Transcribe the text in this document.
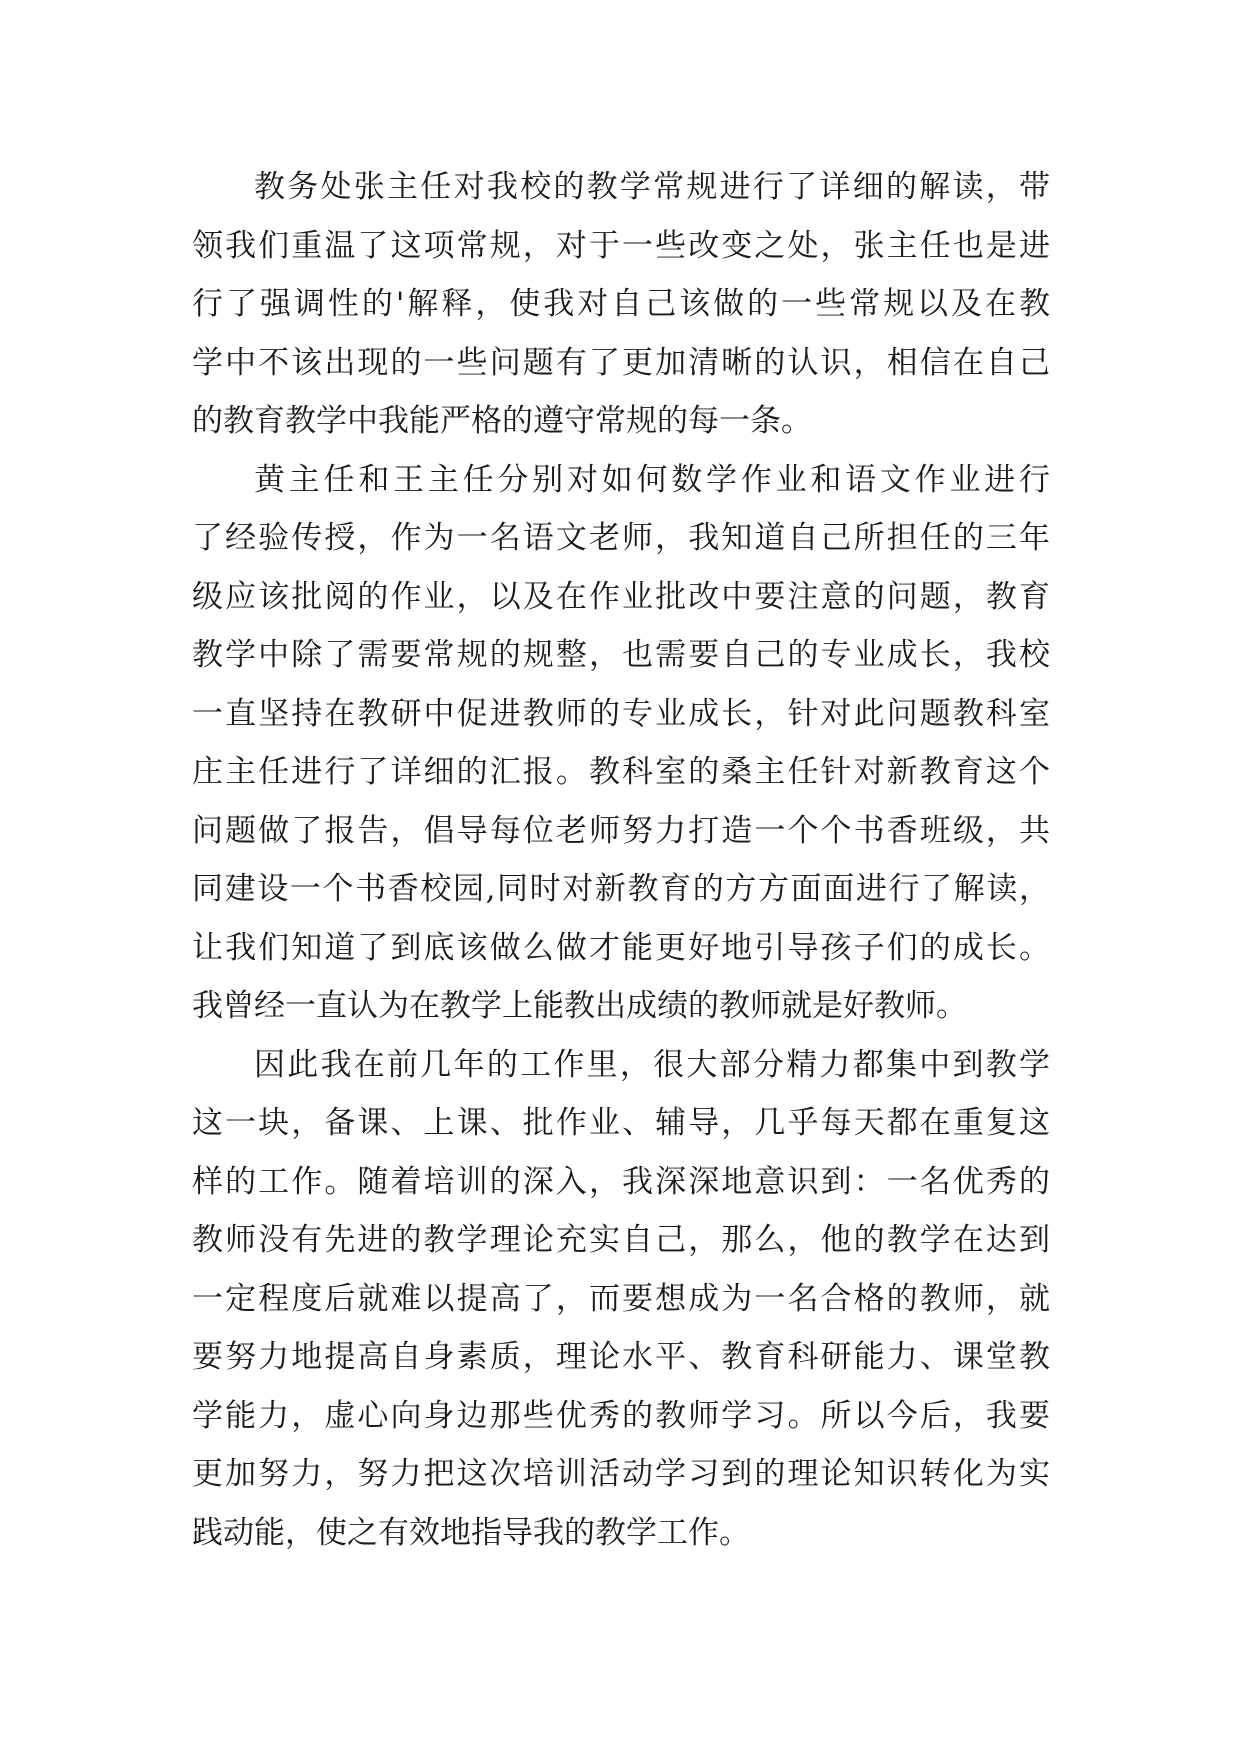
教务处张主任对我校的教学常规进行了详细的解读，带
领我们重温了这项常规，对于一些改变之处，张主任也是进
行了强调性的'解释，使我对自己该做的一些常规以及在教
学中不该出现的一些问题有了更加清晰的认识，相信在自己
的教育教学中我能严格的遵守常规的每一条。
黄主任和王主任分别对如何数学作业和语文作业进行
了经验传授，作为一名语文老师，我知道自己所担任的三年
级应该批阅的作业，以及在作业批改中要注意的问题，教育
教学中除了需要常规的规整，也需要自己的专业成长，我校
一直坚持在教研中促进教师的专业成长，针对此问题教科室
庄主任进行了详细的汇报。教科室的桑主任针对新教育这个
问题做了报告，倡导每位老师努力打造一个个书香班级，共
同建设一个书香校园,同时对新教育的方方面面进行了解读，
让我们知道了到底该做么做才能更好地引导孩子们的成长。
我曾经一直认为在教学上能教出成绩的教师就是好教师。
因此我在前几年的工作里，很大部分精力都集中到教学
这一块，备课、上课、批作业、辅导，几乎每天都在重复这
样的工作。随着培训的深入，我深深地意识到：一名优秀的
教师没有先进的教学理论充实自己，那么，他的教学在达到
一定程度后就难以提高了，而要想成为一名合格的教师，就
要努力地提高自身素质，理论水平、教育科研能力、课堂教
学能力，虚心向身边那些优秀的教师学习。所以今后，我要
更加努力，努力把这次培训活动学习到的理论知识转化为实
践动能，使之有效地指导我的教学工作。
